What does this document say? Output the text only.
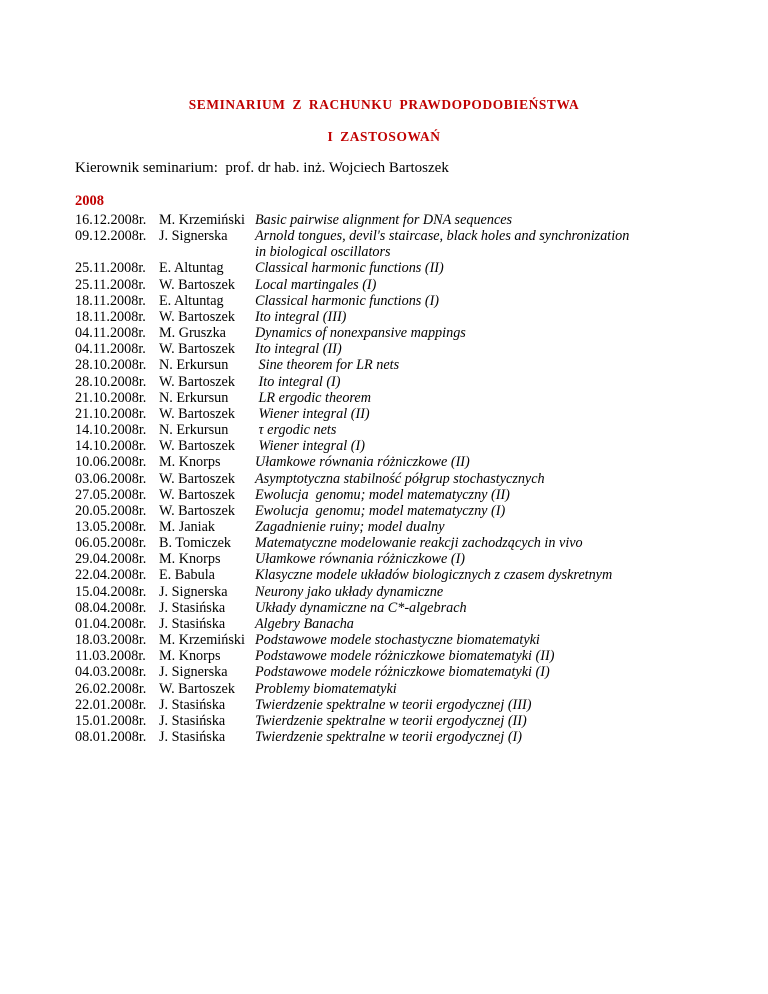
SEMINARIUM Z RACHUNKU PRAWDOPODOBIEŃSTWA
I ZASTOSOWAŃ
Kierownik seminarium:  prof. dr hab. inż. Wojciech Bartoszek
2008
16.12.2008r. M. Krzemiński Basic pairwise alignment for DNA sequences
09.12.2008r. J. Signerska Arnold tongues, devil's staircase, black holes and synchronization
in biological oscillators
25.11.2008r. E. Altuntag Classical harmonic functions (II)
25.11.2008r. W. Bartoszek Local martingales (I)
18.11.2008r. E. Altuntag Classical harmonic functions (I)
18.11.2008r. W. Bartoszek Ito integral (III)
04.11.2008r. M. Gruszka Dynamics of nonexpansive mappings
04.11.2008r. W. Bartoszek Ito integral (II)
28.10.2008r. N. Erkursun Sine theorem for LR nets
28.10.2008r. W. Bartoszek Ito integral (I)
21.10.2008r. N. Erkursun LR ergodic theorem
21.10.2008r. W. Bartoszek Wiener integral (II)
14.10.2008r. N. Erkursun τ ergodic nets
14.10.2008r. W. Bartoszek Wiener integral (I)
10.06.2008r. M. Knorps Ułamkowe równania różniczkowe (II)
03.06.2008r. W. Bartoszek Asymptotyczna stabilność półgrup stochastycznych
27.05.2008r. W. Bartoszek Ewolucja  genomu; model matematyczny (II)
20.05.2008r. W. Bartoszek Ewolucja  genomu; model matematyczny (I)
13.05.2008r. M. Janiak	Zagadnienie ruiny; model dualny
06.05.2008r. B. Tomiczek Matematyczne modelowanie reakcji zachodzących in vivo
29.04.2008r. M. Knorps Ułamkowe równania różniczkowe (I)
22.04.2008r. E. Babula	Klasyczne modele układów biologicznych z czasem dyskretnym
15.04.2008r. J. Signerska Neurony jako układy dynamiczne
08.04.2008r. J. Stasińska Układy dynamiczne na C*-algebrach
01.04.2008r. J. Stasińska Algebry Banacha
18.03.2008r. M. Krzemiński Podstawowe modele stochastyczne biomatematyki
11.03.2008r. M. Knorps Podstawowe modele różniczkowe biomatematyki (II)
04.03.2008r. J. Signerska Podstawowe modele różniczkowe biomatematyki (I)
26.02.2008r. W. Bartoszek Problemy biomatematyki
22.01.2008r. J. Stasińska Twierdzenie spektralne w teorii ergodycznej (III)
15.01.2008r. J. Stasińska Twierdzenie spektralne w teorii ergodycznej (II)
08.01.2008r. J. Stasińska Twierdzenie spektralne w teorii ergodycznej (I)
